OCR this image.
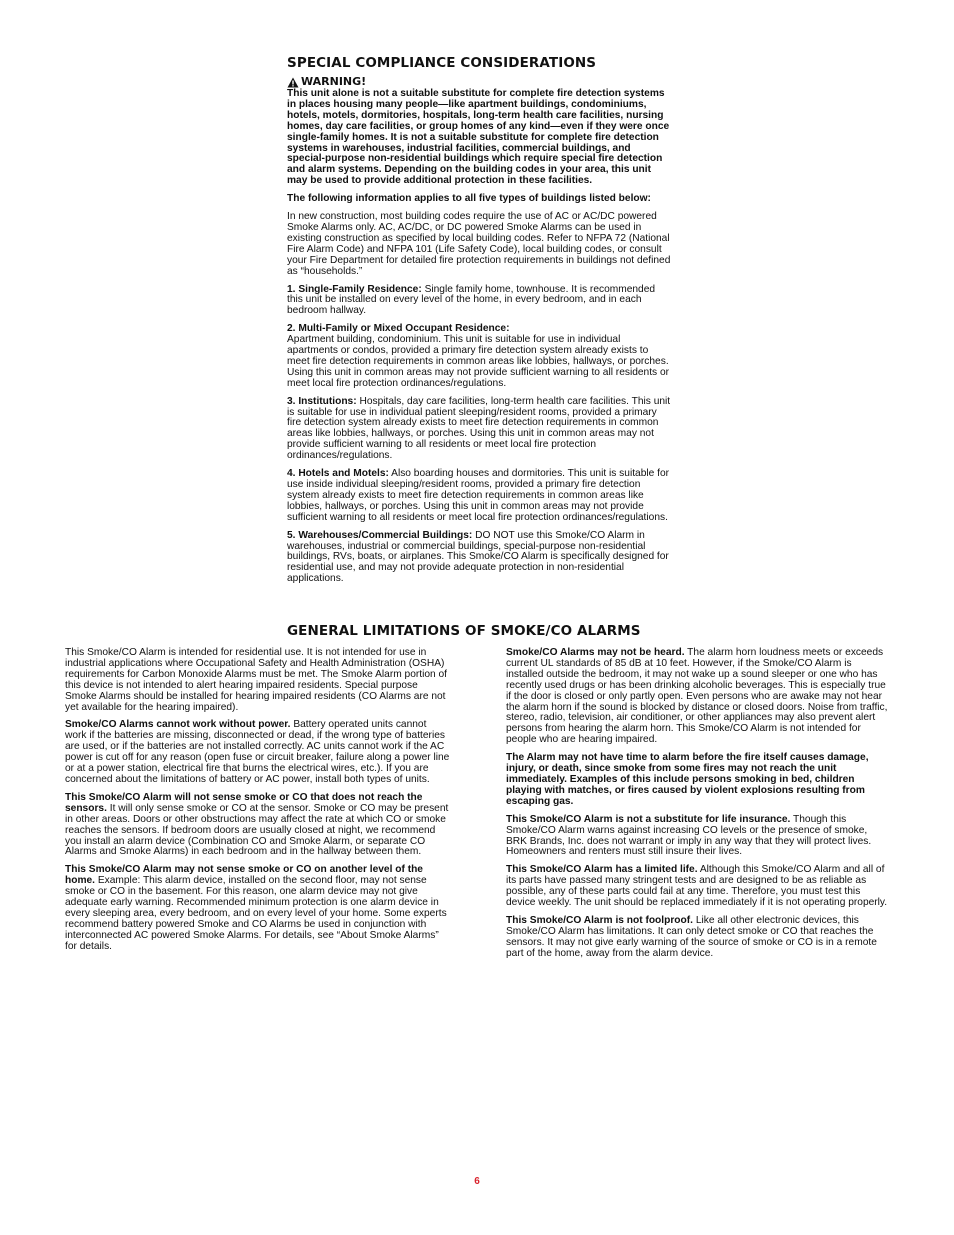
SPECIAL COMPLIANCE CONSIDERATIONS
WARNING!

This unit alone is not a suitable substitute for complete fire detection systems in places housing many people—like apartment buildings, condominiums, hotels, motels, dormitories, hospitals, long-term health care facilities, nursing homes, day care facilities, or group homes of any kind—even if they were once single-family homes. It is not a suitable substitute for complete fire detection systems in warehouses, industrial facilities, commercial buildings, and special-purpose non-residential buildings which require special fire detection and alarm systems. Depending on the building codes in your area, this unit may be used to provide additional protection in these facilities.

The following information applies to all five types of buildings listed below:

In new construction, most building codes require the use of AC or AC/DC powered Smoke Alarms only. AC, AC/DC, or DC powered Smoke Alarms can be used in existing construction as specified by local building codes. Refer to NFPA 72 (National Fire Alarm Code) and NFPA 101 (Life Safety Code), local building codes, or consult your Fire Department for detailed fire protection requirements in buildings not defined as “households.”

1. Single-Family Residence: Single family home, townhouse. It is recommended this unit be installed on every level of the home, in every bedroom, and in each bedroom hallway.

2. Multi-Family or Mixed Occupant Residence:
Apartment building, condominium. This unit is suitable for use in individual apartments or condos, provided a primary fire detection system already exists to meet fire detection requirements in common areas like lobbies, hallways, or porches. Using this unit in common areas may not provide sufficient warning to all residents or meet local fire protection ordinances/regulations.

3. Institutions: Hospitals, day care facilities, long-term health care facilities. This unit is suitable for use in individual patient sleeping/resident rooms, provided a primary fire detection system already exists to meet fire detection requirements in common areas like lobbies, hallways, or porches. Using this unit in common areas may not provide sufficient warning to all residents or meet local fire protection ordinances/regulations.

4. Hotels and Motels: Also boarding houses and dormitories. This unit is suitable for use inside individual sleeping/resident rooms, provided a primary fire detection system already exists to meet fire detection requirements in common areas like lobbies, hallways, or porches. Using this unit in common areas may not provide sufficient warning to all residents or meet local fire protection ordinances/regulations.

5. Warehouses/Commercial Buildings: DO NOT use this Smoke/CO Alarm in warehouses, industrial or commercial buildings, special-purpose non-residential buildings, RVs, boats, or airplanes. This Smoke/CO Alarm is specifically designed for residential use, and may not provide adequate protection in non-residential applications.

GENERAL LIMITATIONS OF SMOKE/CO ALARMS

This Smoke/CO Alarm is intended for residential use. It is not intended for use in industrial applications where Occupational Safety and Health Administration (OSHA) requirements for Carbon Monoxide Alarms must be met. The Smoke Alarm portion of this device is not intended to alert hearing impaired residents. Special purpose Smoke Alarms should be installed for hearing impaired residents (CO Alarms are not yet available for the hearing impaired).

Smoke/CO Alarms cannot work without power. Battery operated units cannot work if the batteries are missing, disconnected or dead, if the wrong type of batteries are used, or if the batteries are not installed correctly. AC units cannot work if the AC power is cut off for any reason (open fuse or circuit breaker, failure along a power line or at a power station, electrical fire that burns the electrical wires, etc.). If you are concerned about the limitations of battery or AC power, install both types of units.

This Smoke/CO Alarm will not sense smoke or CO that does not reach the sensors. It will only sense smoke or CO at the sensor. Smoke or CO may be present in other areas. Doors or other obstructions may affect the rate at which CO or smoke reaches the sensors. If bedroom doors are usually closed at night, we recommend you install an alarm device (Combination CO and Smoke Alarm, or separate CO Alarms and Smoke Alarms) in each bedroom and in the hallway between them.

This Smoke/CO Alarm may not sense smoke or CO on another level of the home. Example: This alarm device, installed on the second floor, may not sense smoke or CO in the basement. For this reason, one alarm device may not give adequate early warning. Recommended minimum protection is one alarm device in every sleeping area, every bedroom, and on every level of your home. Some experts recommend battery powered Smoke and CO Alarms be used in conjunction with interconnected AC powered Smoke Alarms. For details, see “About Smoke Alarms” for details.

Smoke/CO Alarms may not be heard. The alarm horn loudness meets or exceeds current UL standards of 85 dB at 10 feet. However, if the Smoke/CO Alarm is installed outside the bedroom, it may not wake up a sound sleeper or one who has recently used drugs or has been drinking alcoholic beverages. This is especially true if the door is closed or only partly open. Even persons who are awake may not hear the alarm horn if the sound is blocked by distance or closed doors. Noise from traffic, stereo, radio, television, air conditioner, or other appliances may also prevent alert persons from hearing the alarm horn. This Smoke/CO Alarm is not intended for people who are hearing impaired.

The Alarm may not have time to alarm before the fire itself causes damage, injury, or death, since smoke from some fires may not reach the unit immediately. Examples of this include persons smoking in bed, children playing with matches, or fires caused by violent explosions resulting from escaping gas.

This Smoke/CO Alarm is not a substitute for life insurance. Though this Smoke/CO Alarm warns against increasing CO levels or the presence of smoke, BRK Brands, Inc. does not warrant or imply in any way that they will protect lives. Homeowners and renters must still insure their lives.

This Smoke/CO Alarm has a limited life. Although this Smoke/CO Alarm and all of its parts have passed many stringent tests and are designed to be as reliable as possible, any of these parts could fail at any time. Therefore, you must test this device weekly. The unit should be replaced immediately if it is not operating properly.

This Smoke/CO Alarm is not foolproof. Like all other electronic devices, this Smoke/CO Alarm has limitations. It can only detect smoke or CO that reaches the sensors. It may not give early warning of the source of smoke or CO is in a remote part of the home, away from the alarm device.

6
